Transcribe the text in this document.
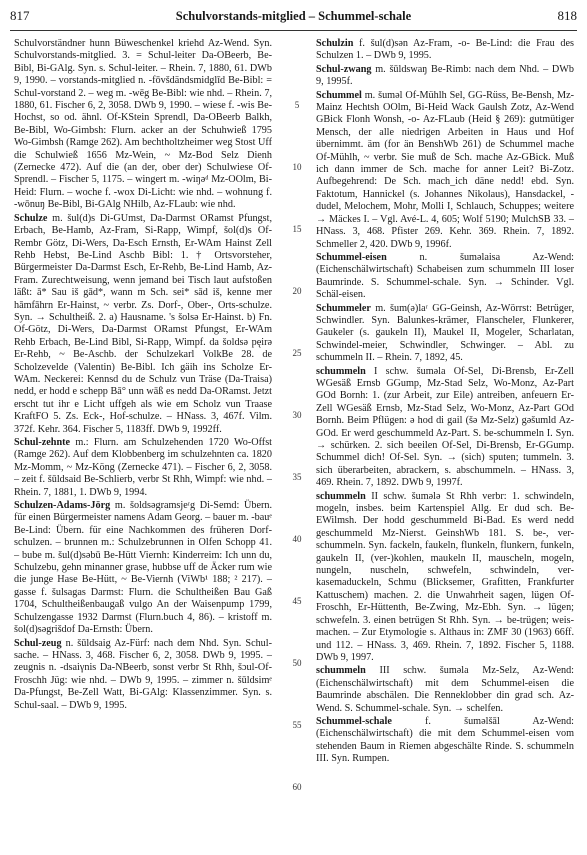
817	Schulvorstands-mitglied – Schummel-schale	818

Schulvorständner hunn Büweschenkel kriehd Az-Wend. Syn. Schulvorstands-mitglied. 3. = Schul-leiter Da-OBeerb, Be-Bibl, Bi-GAlg. Syn. s. Schul-leiter. – Rhein. 7, 1880, 61. DWb 9, 1990. – vorstands-mitglied n. -fōvšdändsmidglīd Be-Bibl: = Schul-vorstand 2. – weg m. -wēg Be-Bibl: wie nhd. – Rhein. 7, 1880, 61. Fischer 6, 2, 3058. DWb 9, 1990. – wiese f. -wis Be-Hochst, so od. ähnl. Of-KStein Sprendl, Da-OBeerb Balkh, Be-Bibl, Wo-Gimbsh: Flurn. acker an der Schuhwieß 1795 Wo-Gimbsh (Ramge 262). Am bechtholtzheimer weg Stost Uff die Schulwieß 1656 Mz-Wein, ~ Mz-Bod Selz Dienh (Zernecke 472). Auf die (an der, ober der) Schulwiese Of-Sprendl. – Fischer 5, 1175. – wingert m. -wiŋəᵈ Mz-OOlm, Bi-Heid: Flurn. – woche f. -wox Di-Licht: wie nhd. – wohnung f. -wōnuŋ Be-Bibl, Bi-GAlg NHilb, Az-FLaub: wie nhd.

Schulze m. šul(d)s Di-GUmst, Da-Darmst ORamst Pfungst, Erbach, Be-Hamb, Az-Fram, Si-Rapp, Wimpf, šol(d)s Of-Rembr Götz, Di-Wers, Da-Esch Ernsth, Er-WAm Hainst Zell Rehb Hebst, Be-Lind Aschb Bibl: 1. † Ortsvorsteher, Bürgermeister Da-Darmst Esch, Er-Rehb, Be-Lind Hamb, Az-Fram. Zurechtweisung, wenn jemand bei Tisch laut aufstoßen läßt: ā* Sau iš gād*, wann m Sch. sei* sād iš, kenne mer hāmfāhrn Er-Hainst, ~ verbr. Zs. Dorf-, Ober-, Orts-schulze. Syn. → Schultheiß. 2. a) Hausname. 's šolsə Er-Hainst. b) Fn. Of-Götz, Di-Wers, Da-Darmst ORamst Pfungst, Er-WAm Rehb Erbach, Be-Lind Bibl, Si-Rapp, Wimpf. da šoldsə pęirə Er-Rehb, ~ Be-Aschb. der Schulzekarl VolkBe 28. de Scholzevelde (Valentin) Be-Bibl. Ich gäih ins Scholze Er-WAm. Neckerei: Kennsd du de Schulz vun Träse (Da-Traisa) nedd, er hodd e schepp Bā° unn wāß es nedd Da-ORamst. Jetzt erscht tut ihr e Licht uffgeh als wie em Scholz vun Traase KraftFO 5. Zs. Eck-, Hof-schulze. – HNass. 3, 467f. Vilm. 372f. Kehr. 364. Fischer 5, 1183ff. DWb 9, 1992ff.

Schul-zehnte m.: Flurn. am Schulzehenden 1720 Wo-Offst (Ramge 262). Auf dem Klobbenberg im schulzehnten ca. 1820 Mz-Momm, ~ Mz-Köng (Zernecke 471). – Fischer 6, 2, 3058. – zeit f. šūldsaid Be-Schlierb, verbr St Rhh, Wimpf: wie nhd. – Rhein. 7, 1881, 1. DWb 9, 1994.

Schulzen-Adams-Jörg m. šoldsəgramsjeʳg Di-Semd: Übern. für einen Bürgermeister namens Adam Georg. – bauer m. -bauᵉ Be-Lind: Übern. für eine Nachkommen des früheren Dorf-schulzen. – brunnen m.: Schulzebrunnen in Olfen Schopp 41. – bube m. šul(d)səbū Be-Hütt Viernh: Kinderreim: Ich unn du, Schulzebu, gehn minanner grase, hubbse uff de Äcker rum wie die junge Hase Be-Hütt, ~ Be-Viernh (ViWb¹ 188; ² 217). – gasse f. šulsagas Darmst: Flurn. die Schultheißen Bau Gaß 1704, Schultheißenbaugaß vulgo An der Waisenpump 1799, Schulzengasse 1932 Darmst (Flurn.buch 4, 86). – kristoff m. šol(d)səgrišdof Da-Ernsth: Übern.

Schul-zeug n. šūldsaig Az-Fürf: nach dem Nhd. Syn. Schul-sache. – HNass. 3, 468. Fischer 6, 2, 3058. DWb 9, 1995. – zeugnis n. -dsaiγnis Da-NBeerb, sonst verbr St Rhh, šɔul-Of-Froschh Jüg: wie nhd. – DWb 9, 1995. – zimmer n. šūldsimᵉ Da-Pfungst, Be-Zell Watt, Bi-GAlg: Klassenzimmer. Syn. s. Schul-saal. – DWb 9, 1995.

5
10
15
20
25
30
35
40
45
50
55
60

Schulzin f. šul(d)sən Az-Fram, -o- Be-Lind: die Frau des Schulzen 1. – DWb 9, 1995.

Schul-zwang m. šūldswaŋ Be-Rimb: nach dem Nhd. – DWb 9, 1995f.

Schummel m. šuməl Of-Mühlh Sel, GG-Rüss, Be-Bensh, Mz-Mainz Hechtsh OOlm, Bi-Heid Wack Gaulsh Zotz, Az-Wend GBick Flonh Wonsh, -o- Az-FLaub (Heid § 269): gutmütiger Mensch, der alle niedrigen Arbeiten in Haus und Hof übernimmt. äm (for än BenshWb 261) de Schummel mache Of-Mühlh, ~ verbr. Sie muß de Sch. mache Az-GBick. Muß ich dann immer de Sch. mache for anner Leit? Bi-Zotz. Aufbegehrend: De Sch. mach_ich däne nedd! ebd. Syn. Faktotum, Hannickel (s. Johannes Nikolaus), Hansdackel, -dudel, Melochem, Mohr, Molli I, Schlauch, Schuppes; weitere → Mäckes I. – Vgl. Avé-L. 4, 605; Wolf 5190; MulchSB 33. – HNass. 3, 468. Pfister 269. Kehr. 369. Rhein. 7, 1892. Schmeller 2, 420. DWb 9, 1996f.

Schummel-eisen	n. šuməlaisa Az-Wend: (Eichenschälwirtschaft) Schabeisen zum schummeln III loser Baumrinde. S. Schummel-schale. Syn. → Schinder. Vgl. Schäl-eisen.

Schummeler m. šum(ə)laʳ GG-Geinsh, Az-Wörrst: Betrüger, Schwindler. Syn. Balunkes-krämer, Flanscheler, Flunkerer, Gaukeler (s. gaukeln II), Maukel II, Mogeler, Scharlatan, Schwindel-meier, Schwindler, Schwinger. – Abl. zu schummeln II. – Rhein. 7, 1892, 45.

schummeln I schw. šuməla Of-Sel, Di-Brensb, Er-Zell WGesäß Ernsb GGump, Mz-Stad Selz, Wo-Monz, Az-Part GOd Bornh: 1. (zur Arbeit, zur Eile) antreiben, anfeuern Er-Zell WGesäß Ernsb, Mz-Stad Selz, Wo-Monz, Az-Part GOd Bornh. Beim Pflügen: ə hod di gail (šə Mz-Selz) gəšumld Az-GOd. Er werd geschummeld Az-Part. S. be-schummeln I. Syn. → schürken. 2. sich beeilen Of-Sel, Di-Brensb, Er-GGump. Schummel dich! Of-Sel. Syn. → (sich) sputen; tummeln. 3. sich überarbeiten, abrackern, s. abschummeln. – HNass. 3, 469. Rhein. 7, 1892. DWb 9, 1997f.

schummeln II schw. šumələ St Rhh verbr: 1. schwindeln, mogeln, insbes. beim Kartenspiel Allg. Er dud sch. Be-EWilmsh. Der hodd geschummeld Bi-Bad. Es werd nedd geschummeld Mz-Nierst. GeinshWb 181. S. be-, ver-schummeln. Syn. fackeln, faukeln, flunkeln, flunkern, funkeln, gaukeln II, (ver-)kohlen, maukeln II, mauscheln, mogeln, nungeln, nuscheln, schwefeln, schwindeln, ver-kasemaduckeln, Schmu (Blicksemer, Grafitten, Frankfurter Kattuschem) machen. 2. die Unwahrheit sagen, lügen Of-Froschh, Er-Hüttenth, Be-Zwing, Mz-Ebh. Syn. → lügen; schwefeln. 3. einen betrügen St Rhh. Syn. → be-trügen; weis-machen. – Zur Etymologie s. Althaus in: ZMF 30 (1963) 66ff. und 112. – HNass. 3, 469. Rhein. 7, 1892. Fischer 5, 1188. DWb 9, 1997.

schummeln III schw. šuməla Mz-Selz, Az-Wend: (Eichenschälwirtschaft) mit dem Schummel-eisen die Baumrinde abschälen. Die Renneklobber din grad sch. Az-Wend. S. Schummel-schale. Syn. → schelfen.

Schummel-schale	f. šuməlšāl Az-Wend: (Eichenschälwirtschaft) die mit dem Schummel-eisen vom stehenden Baum in Riemen abgeschälte Rinde. S. schummeln III. Syn. Rumpen.
